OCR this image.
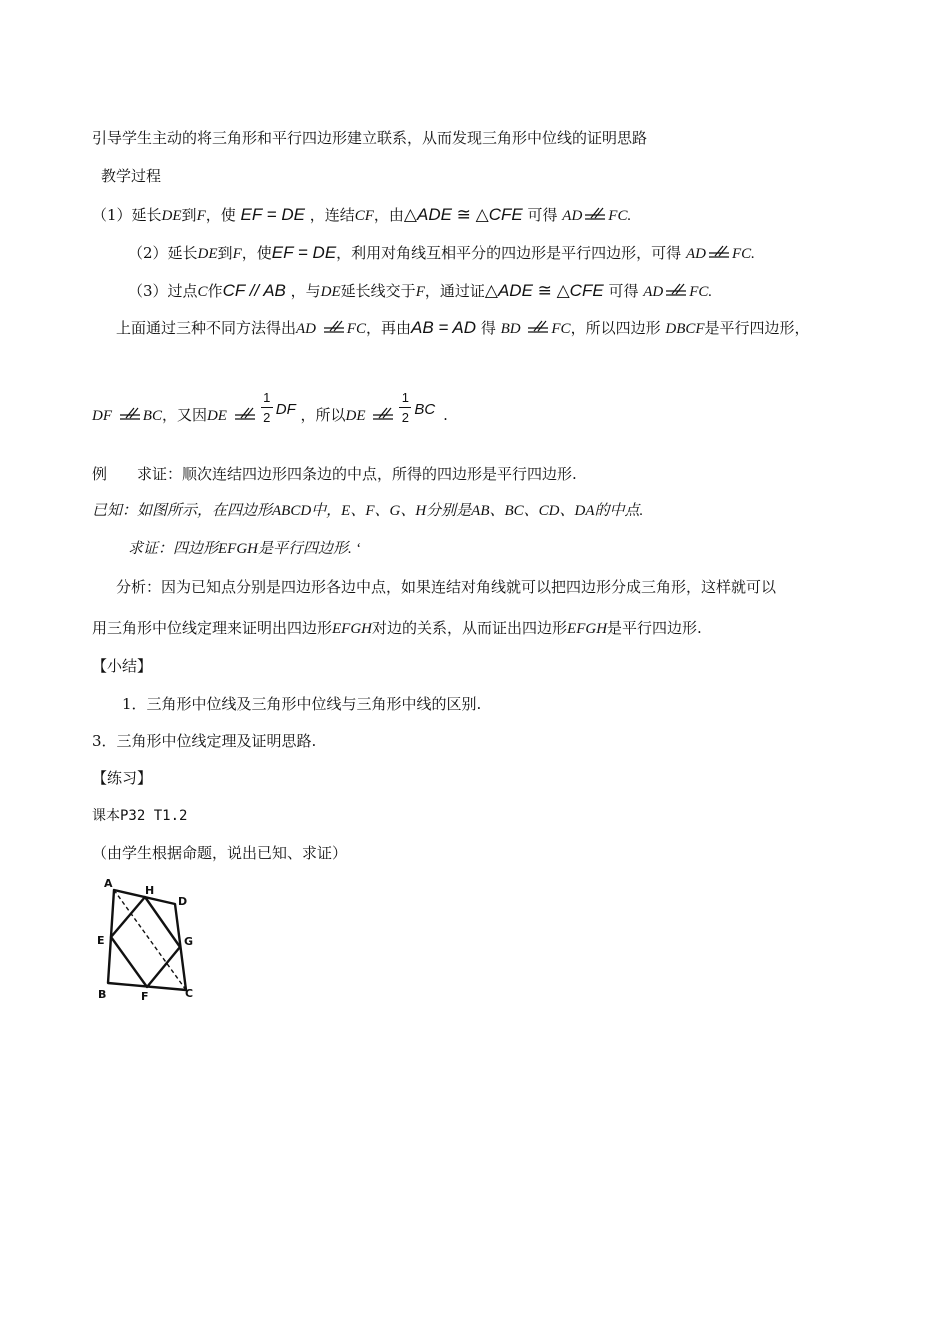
引导学生主动的将三角形和平行四边形建立联系，从而发现三角形中位线的证明思路
教学过程
（1）延长DE到F，使 EF = DE ，连结CF，由△ADE ≅ △CFE 可得 AD FC.
（2）延长DE到F，使EF = DE，利用对角线互相平分的四边形是平行四边形，可得 AD FC.
（3）过点C作CF // AB ，与DE延长线交于F，通过证△ADE ≅ △CFE 可得 AD FC.
上面通过三种不同方法得出AD FC，再由AB = AD 得 BD FC，所以四边形 DBCF是平行四边形，
DF BC，又因DE $\frac{1}{2}$ DF ，所以DE $\frac{1}{2}$ BC .
例　　求证：顺次连结四边形四条边的中点，所得的四边形是平行四边形.
已知：如图所示，在四边形ABCD中，E、F、G、H分别是AB、BC、CD、DA的中点.
求证：四边形EFGH是平行四边形. ‘
分析：因为已知点分别是四边形各边中点，如果连结对角线就可以把四边形分成三角形，这样就可以
用三角形中位线定理来证明出四边形EFGH对边的关系，从而证出四边形EFGH是平行四边形.
【小结】
1．三角形中位线及三角形中位线与三角形中线的区别.
3．三角形中位线定理及证明思路.
【练习】
课本P32 T1.2
（由学生根据命题，说出已知、求证）
A
H
D
E	G
B	F	C
